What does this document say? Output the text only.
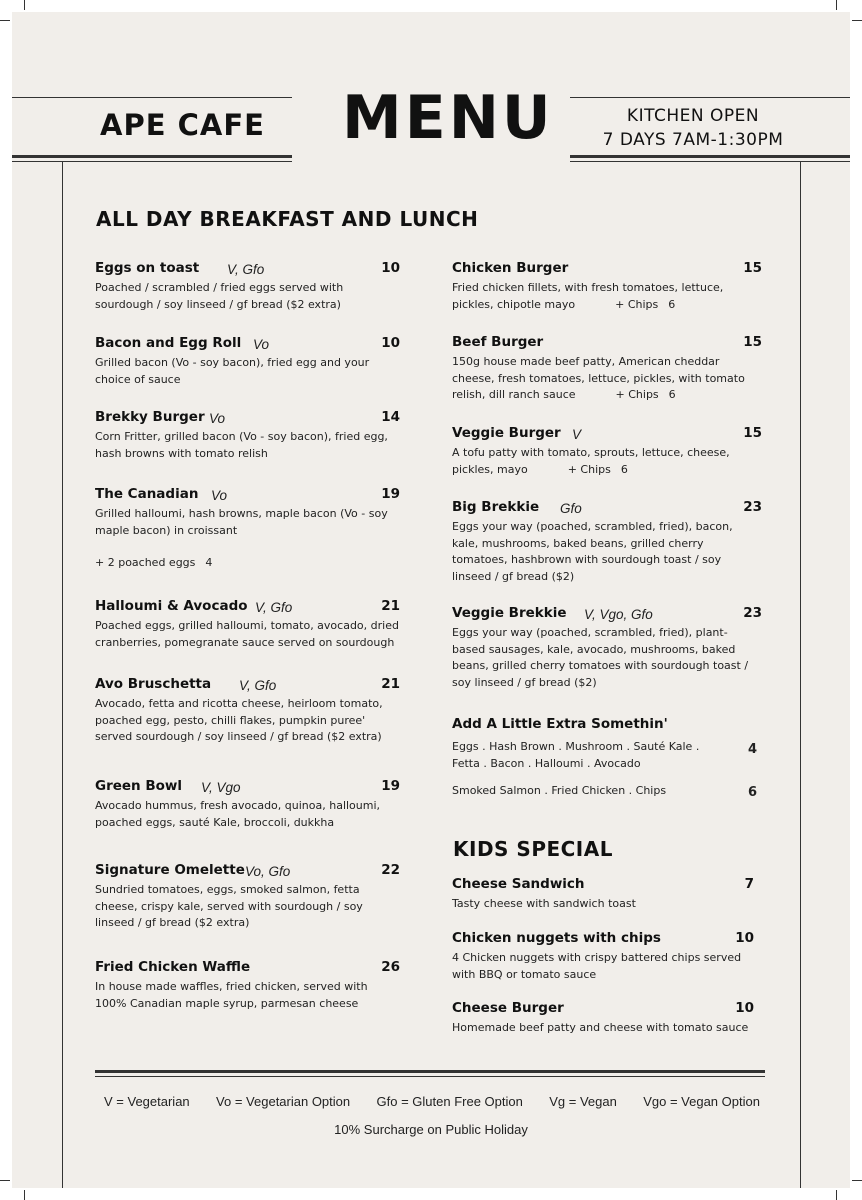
APE CAFE MENU	KITCHEN OPEN
7 DAYS 7AM-1:30PM
ALL DAY BREAKFAST AND LUNCH
Eggs on toast V, Gfo	10
Poached / scrambled / fried eggs served with sourdough / soy linseed / gf bread ($2 extra)
Bacon and Egg Roll Vo	10
Grilled bacon (Vo - soy bacon), fried egg and your choice of sauce
Brekky Burger Vo	14
Corn Fritter, grilled bacon (Vo - soy bacon), fried egg, hash browns with tomato relish
The Canadian Vo	19
Grilled halloumi, hash browns, maple bacon (Vo - soy maple bacon) in croissant
+ 2 poached eggs 4
Halloumi & Avocado V, Gfo	21
Poached eggs, grilled halloumi, tomato, avocado, dried cranberries, pomegranate sauce served on sourdough
Avo Bruschetta V, Gfo	21
Avocado, fetta and ricotta cheese, heirloom tomato, poached egg, pesto, chilli flakes, pumpkin puree' served sourdough / soy linseed / gf bread ($2 extra)
Green Bowl V, Vgo	19
Avocado hummus, fresh avocado, quinoa, halloumi, poached eggs, sauté Kale, broccoli, dukkha
Signature Omelette Vo, Gfo	22
Sundried tomatoes, eggs, smoked salmon, fetta cheese, crispy kale, served with sourdough / soy linseed / gf bread ($2 extra)
Fried Chicken Waffle	26
In house made waffles, fried chicken, served with 100% Canadian maple syrup, parmesan cheese
Chicken Burger	15
Fried chicken fillets, with fresh tomatoes, lettuce, pickles, chipotle mayo	+ Chips 6
Beef Burger	15
150g house made beef patty, American cheddar cheese, fresh tomatoes, lettuce, pickles, with tomato relish, dill ranch sauce	+ Chips 6
Veggie Burger V	15
A tofu patty with tomato, sprouts, lettuce, cheese, pickles, mayo	+ Chips 6
Big Brekkie Gfo	23
Eggs your way (poached, scrambled, fried), bacon, kale, mushrooms, baked beans, grilled cherry tomatoes, hashbrown with sourdough toast / soy linseed / gf bread ($2)
Veggie Brekkie V, Vgo, Gfo	23
Eggs your way (poached, scrambled, fried), plant-based sausages, kale, avocado, mushrooms, baked beans, grilled cherry tomatoes with sourdough toast / soy linseed / gf bread ($2)
Add A Little Extra Somethin'
Eggs . Hash Brown . Mushroom . Sauté Kale .
Fetta . Bacon . Halloumi . Avocado
4
Smoked Salmon . Fried Chicken . Chips	6
KIDS SPECIAL
Cheese Sandwich	7
Tasty cheese with sandwich toast
Chicken nuggets with chips	10
4 Chicken nuggets with crispy battered chips served with BBQ or tomato sauce
Cheese Burger	10
Homemade beef patty and cheese with tomato sauce
V = Vegetarian Vo = Vegetarian Option Gfo = Gluten Free Option Vg = Vegan Vgo = Vegan Option
10% Surcharge on Public Holiday
